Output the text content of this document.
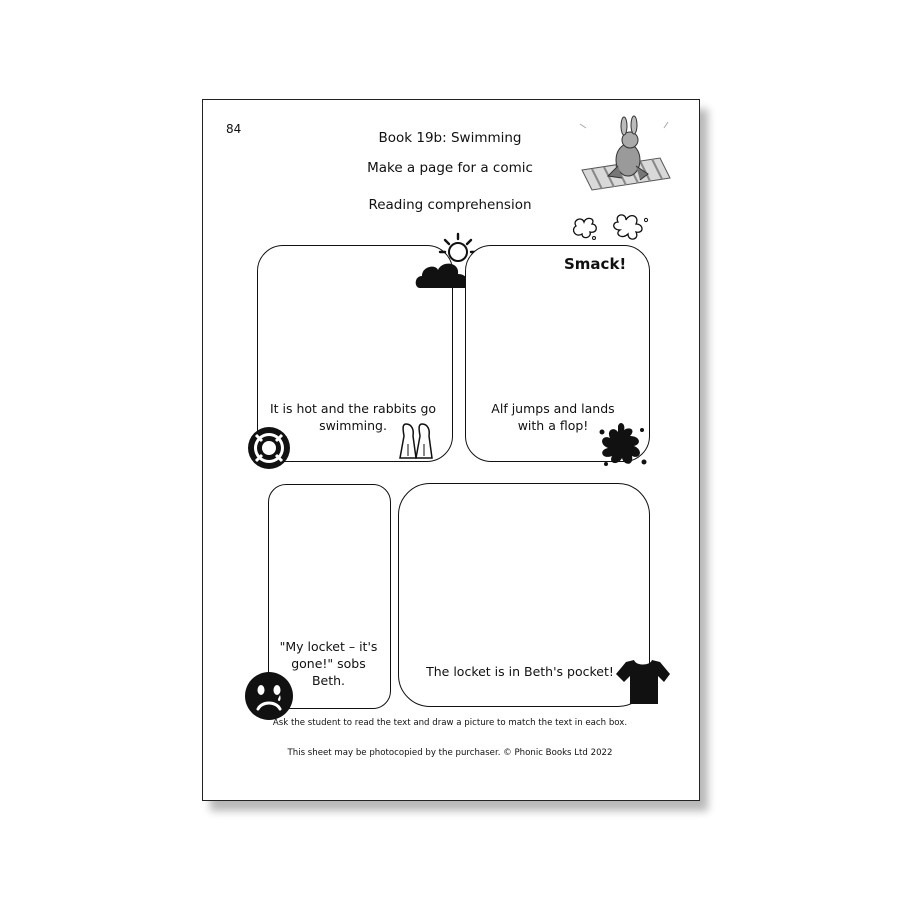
84
Book 19b: Swimming
Make a page for a comic
Reading comprehension
It is hot and the rabbits go swimming.
Smack!
Alf jumps and lands with a flop!
"My locket – it's gone!" sobs Beth.
The locket is in Beth's pocket!
Ask the student to read the text and draw a picture to match the text in each box.
This sheet may be photocopied by the purchaser. © Phonic Books Ltd 2022
